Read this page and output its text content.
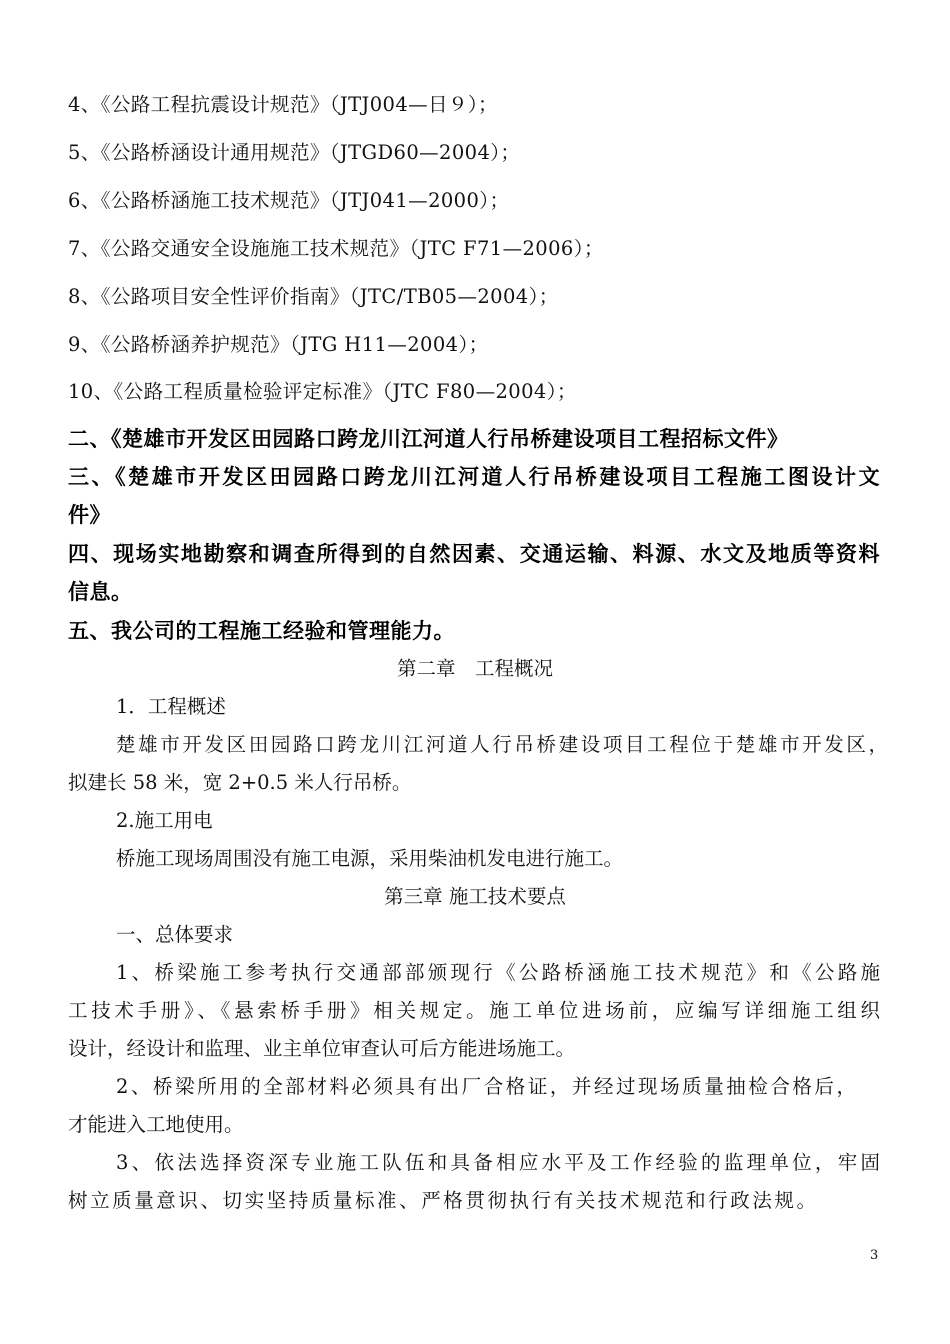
4、《公路工程抗震设计规范》（JTJ004—日９）；
5、《公路桥涵设计通用规范》（JTGD60—2004）；
6、《公路桥涵施工技术规范》（JTJ041—2000）；
7、《公路交通安全设施施工技术规范》（JTC F71—2006）；
8、《公路项目安全性评价指南》（JTC/TB05—2004）；
9、《公路桥涵养护规范》（JTG H11—2004）；
10、《公路工程质量检验评定标准》（JTC F80—2004）；
二、《楚雄市开发区田园路口跨龙川江河道人行吊桥建设项目工程招标文件》
三、《楚雄市开发区田园路口跨龙川江河道人行吊桥建设项目工程施工图设计文
件》
四、现场实地勘察和调查所得到的自然因素、交通运输、料源、水文及地质等资料
信息。
五、我公司的工程施工经验和管理能力。
第二章　工程概况
1．工程概述
楚雄市开发区田园路口跨龙川江河道人行吊桥建设项目工程位于楚雄市开发区，
拟建长 58 米，宽 2+0.5 米人行吊桥。
2.施工用电
桥施工现场周围没有施工电源，采用柴油机发电进行施工。
第三章 施工技术要点
一、总体要求
1、桥梁施工参考执行交通部部颁现行《公路桥涵施工技术规范》和《公路施
工技术手册》、《悬索桥手册》相关规定。施工单位进场前，应编写详细施工组织
设计，经设计和监理、业主单位审查认可后方能进场施工。
2、桥梁所用的全部材料必须具有出厂合格证，并经过现场质量抽检合格后，
才能进入工地使用。
3、依法选择资深专业施工队伍和具备相应水平及工作经验的监理单位，牢固
树立质量意识、切实坚持质量标准、严格贯彻执行有关技术规范和行政法规。
3
